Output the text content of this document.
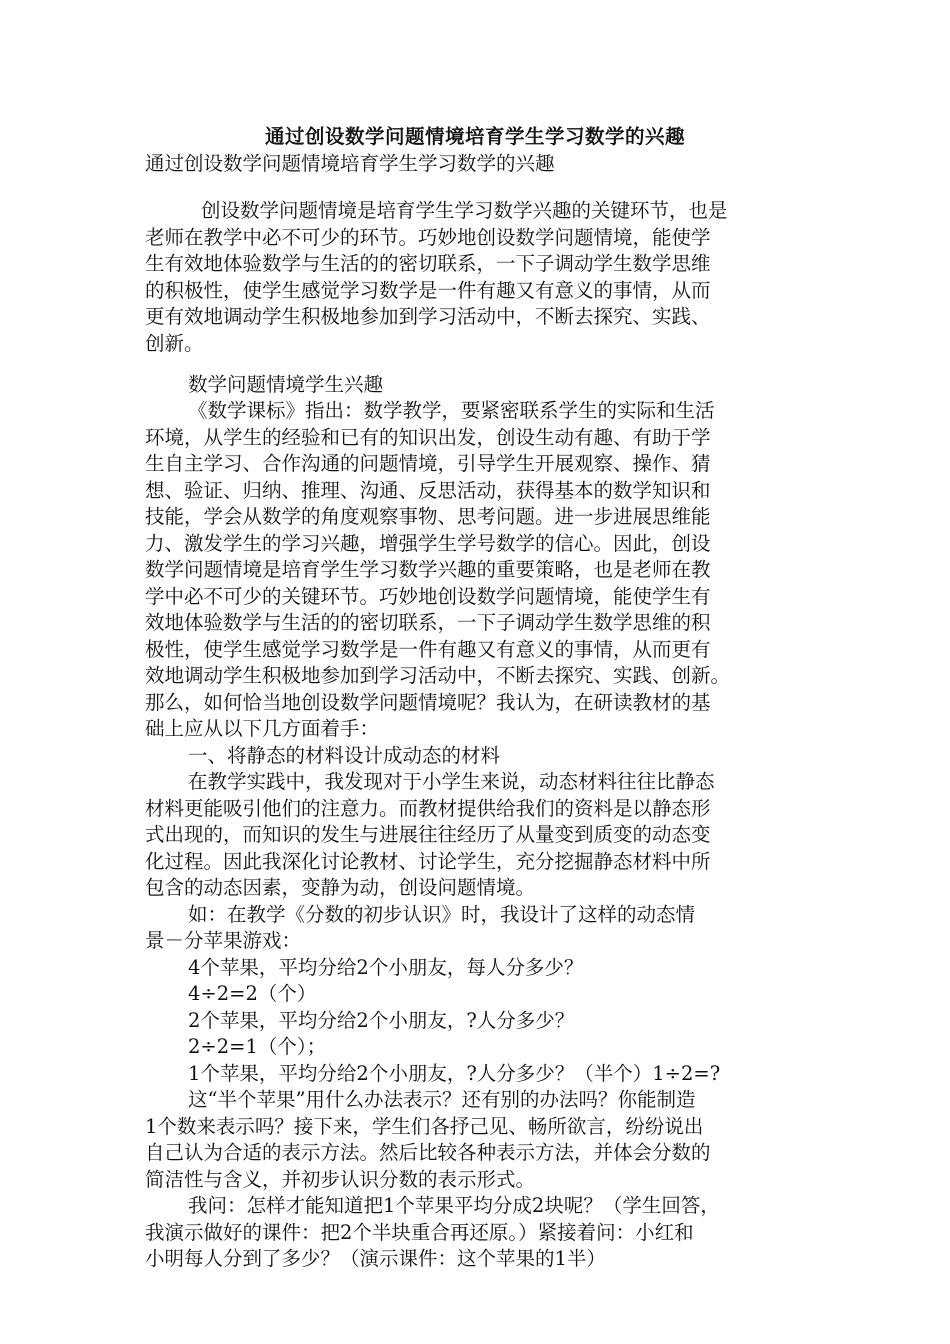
通过创设数学问题情境培育学生学习数学的兴趣
通过创设数学问题情境培育学生学习数学的兴趣
创设数学问题情境是培育学生学习数学兴趣的关键环节，也是
老师在教学中必不可少的环节。巧妙地创设数学问题情境，能使学
生有效地体验数学与生活的的密切联系，一下子调动学生数学思维
的积极性，使学生感觉学习数学是一件有趣又有意义的事情，从而
更有效地调动学生积极地参加到学习活动中，不断去探究、实践、
创新。
数学问题情境学生兴趣
《数学课标》指出：数学教学，要紧密联系学生的实际和生活
环境，从学生的经验和已有的知识出发，创设生动有趣、有助于学
生自主学习、合作沟通的问题情境，引导学生开展观察、操作、猜
想、验证、归纳、推理、沟通、反思活动，获得基本的数学知识和
技能，学会从数学的角度观察事物、思考问题。进一步进展思维能
力、激发学生的学习兴趣，增强学生学号数学的信心。因此，创设
数学问题情境是培育学生学习数学兴趣的重要策略，也是老师在教
学中必不可少的关键环节。巧妙地创设数学问题情境，能使学生有
效地体验数学与生活的的密切联系，一下子调动学生数学思维的积
极性，使学生感觉学习数学是一件有趣又有意义的事情，从而更有
效地调动学生积极地参加到学习活动中，不断去探究、实践、创新。
那么，如何恰当地创设数学问题情境呢？我认为，在研读教材的基
础上应从以下几方面着手：
一、将静态的材料设计成动态的材料
在教学实践中，我发现对于小学生来说，动态材料往往比静态
材料更能吸引他们的注意力。而教材提供给我们的资料是以静态形
式出现的，而知识的发生与进展往往经历了从量变到质变的动态变
化过程。因此我深化讨论教材、讨论学生，充分挖掘静态材料中所
包含的动态因素，变静为动，创设问题情境。
如：在教学《分数的初步认识》时，我设计了这样的动态情
景－分苹果游戏：
4个苹果，平均分给2个小朋友，每人分多少？
4÷2=2（个）
2个苹果，平均分给2个小朋友，?人分多少？
2÷2=1（个）；
1个苹果，平均分给2个小朋友，?人分多少？（半个）1÷2=?
这“半个苹果”用什么办法表示？还有别的办法吗？你能制造
1个数来表示吗？接下来，学生们各抒己见、畅所欲言，纷纷说出
自己认为合适的表示方法。然后比较各种表示方法，并体会分数的
简洁性与含义，并初步认识分数的表示形式。
我问：怎样才能知道把1个苹果平均分成2块呢？（学生回答，
我演示做好的课件：把2个半块重合再还原。）紧接着问：小红和
小明每人分到了多少？（演示课件：这个苹果的1半）
